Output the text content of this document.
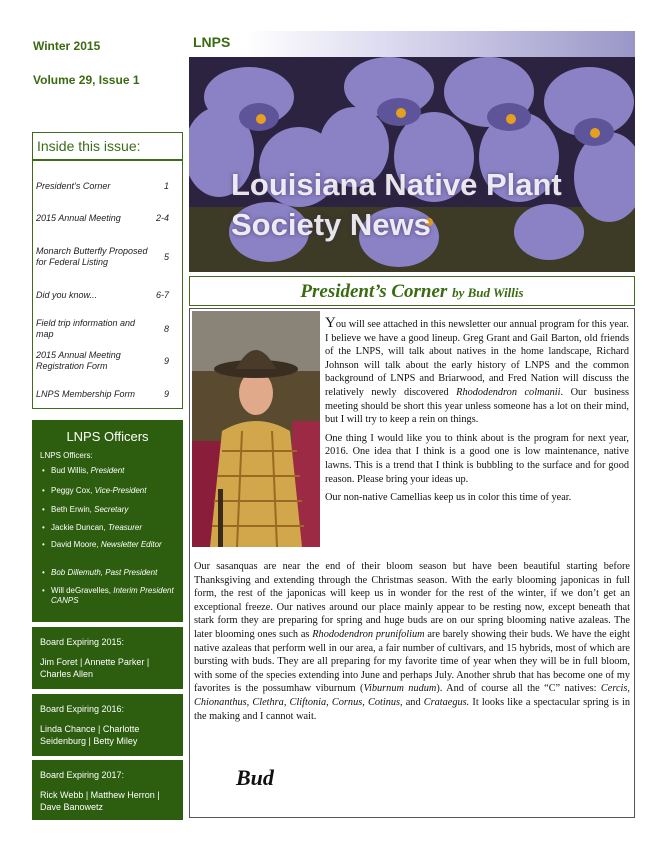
Winter 2015
Volume 29, Issue 1
Inside this issue:
President’s Corner	1
2015 Annual Meeting	2-4
Monarch Butterfly Proposed for Federal Listing	5
Did you know...	6-7
Field trip information and map	8
2015 Annual Meeting Registration Form	9
LNPS Membership Form	9
LNPS Officers
LNPS Officers:
• Bud Willis, President
• Peggy Cox, Vice-President
• Beth Erwin, Secretary
• Jackie Duncan, Treasurer
• David Moore, Newsletter Editor
• Bob Dillemuth, Past President
• Will deGravelles, Interim President CANPS
Board Expiring 2015:
Jim Foret | Annette Parker | Charles Allen
Board Expiring 2016:
Linda Chance | Charlotte Seidenburg | Betty Miley
Board Expiring 2017:
Rick Webb | Matthew Herron | Dave Banowetz
LNPS
Louisiana Native Plant Society News
President’s Corner by Bud Willis

You will see attached in this newsletter our annual program for this year. I believe we have a good lineup. Greg Grant and Gail Barton, old friends of the LNPS, will talk about natives in the home landscape, Richard Johnson will talk about the early history of LNPS and the common background of LNPS and Briarwood, and Fred Nation will discuss the relatively newly discovered Rhododendron colmanii. Our business meeting should be short this year unless someone has a lot on their mind, but I will try to keep a rein on things.

One thing I would like you to think about is the program for next year, 2016. One idea that I think is a good one is low maintenance, native lawns. This is a trend that I think is bubbling to the surface and for good reason. Please bring your ideas up.

Our non-native Camellias keep us in color this time of year.

Our sasanquas are near the end of their bloom season but have been beautiful starting before Thanksgiving and extending through the Christmas season. With the early blooming japonicas in full form, the rest of the japonicas will keep us in wonder for the rest of the winter, if we don’t get an exceptional freeze. Our natives around our place mainly appear to be resting now, except beneath that stark form they are preparing for spring and huge buds are on our spring blooming native azaleas. The later blooming ones such as Rhododendron prunifolium are barely showing their buds. We have the eight native azaleas that perform well in our area, a fair number of cultivars, and 15 hybrids, most of which are bursting with buds. They are all preparing for my favorite time of year when they will be in full bloom, with some of the species extending into June and perhaps July. Another shrub that has become one of my favorites is the possumhaw viburnum (Viburnum nudum). And of course all the “C” natives: Cercis, Chionanthus, Clethra, Cliftonia, Cornus, Cotinus, and Crataegus. It looks like a spectacular spring is in the making and I cannot wait.
Bud
